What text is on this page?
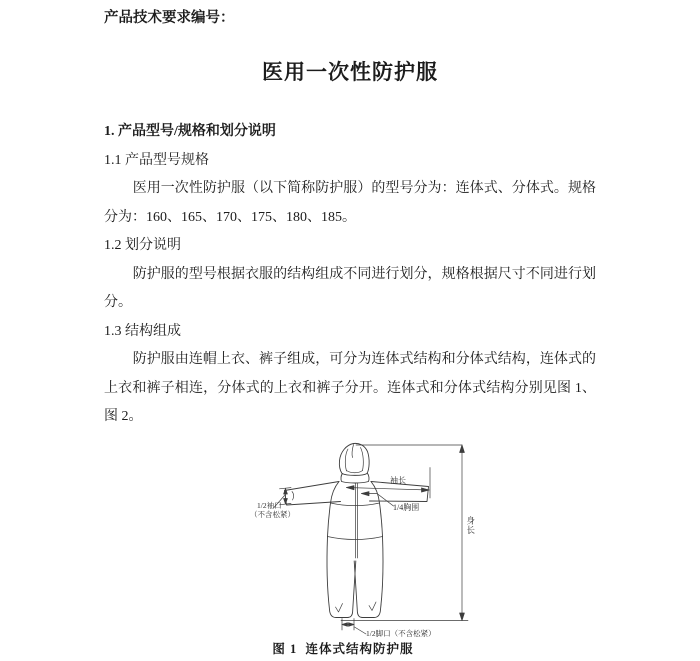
产品技术要求编号：
医用一次性防护服

1. 产品型号/规格和划分说明

1.1 产品型号规格

医用一次性防护服（以下简称防护服）的型号分为：连体式、分体式。规格分为：160、165、170、175、180、185。

1.2 划分说明

防护服的型号根据衣服的结构组成不同进行划分，规格根据尺寸不同进行划分。

1.3 结构组成

防护服由连帽上衣、裤子组成，可分为连体式结构和分体式结构，连体式的上衣和裤子相连，分体式的上衣和裤子分开。连体式和分体式结构分别见图 1、图 2。

袖长
1/4胸围
身长
1/2袖口
（不含松紧）
1/2脚口（不含松紧）
图 1  连体式结构防护服
